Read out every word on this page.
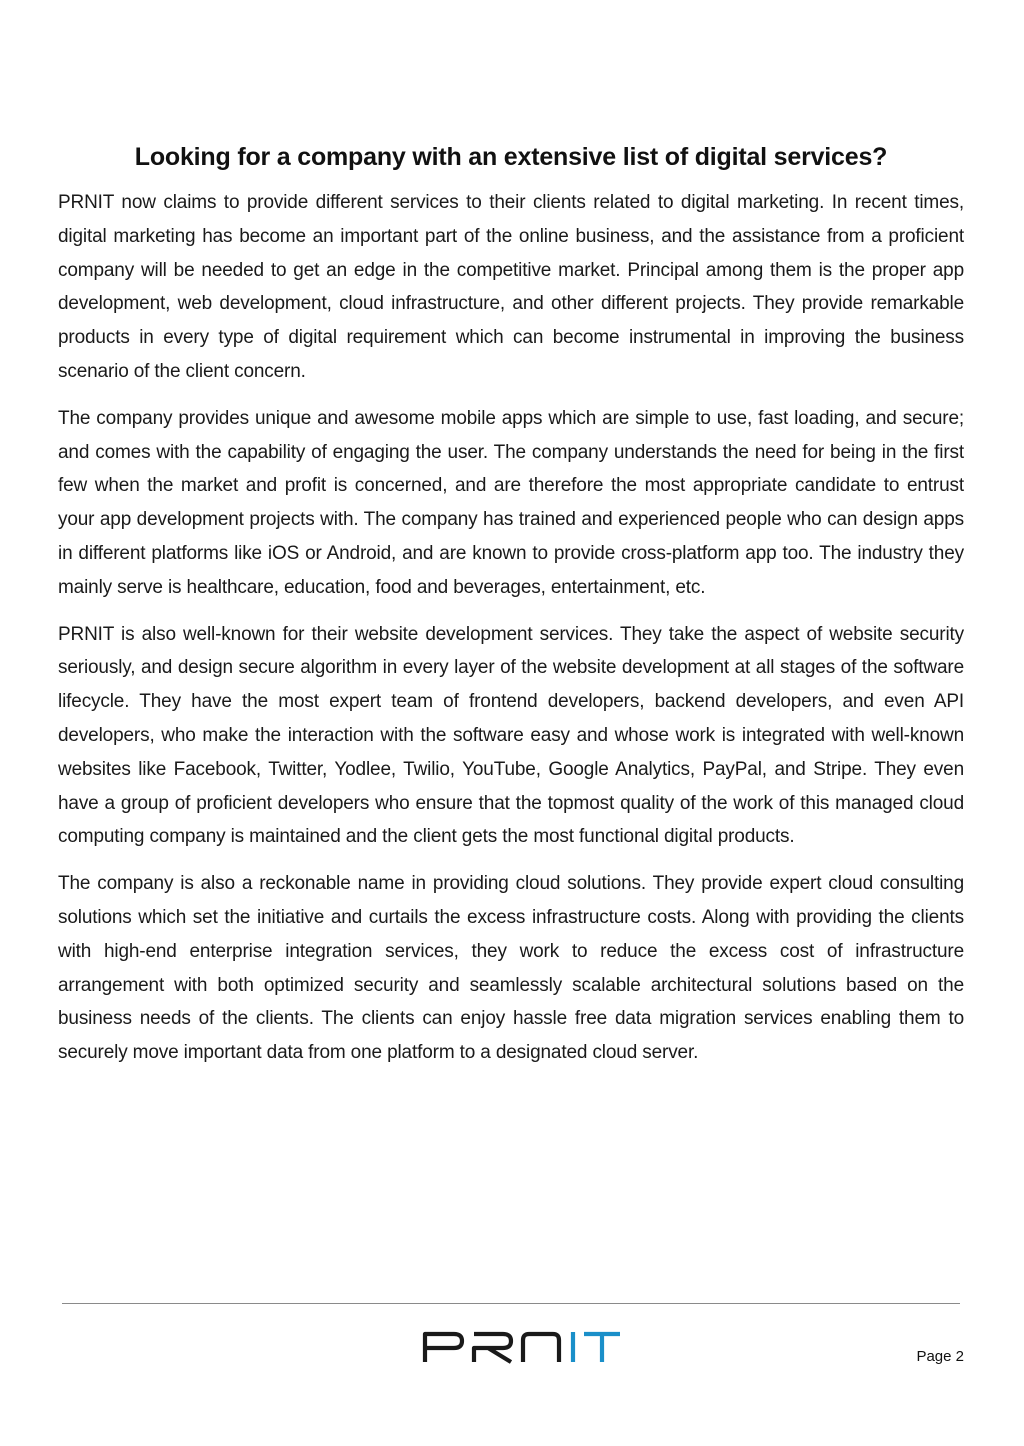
Looking for a company with an extensive list of digital services?

PRNIT now claims to provide different services to their clients related to digital marketing. In recent times, digital marketing has become an important part of the online business, and the assistance from a proficient company will be needed to get an edge in the competitive market. Principal among them is the proper app development, web development, cloud infrastructure, and other different projects. They provide remarkable products in every type of digital requirement which can become instrumental in improving the business scenario of the client concern.

The company provides unique and awesome mobile apps which are simple to use, fast loading, and secure; and comes with the capability of engaging the user. The company understands the need for being in the first few when the market and profit is concerned, and are therefore the most appropriate candidate to entrust your app development projects with. The company has trained and experienced people who can design apps in different platforms like iOS or Android, and are known to provide cross-platform app too. The industry they mainly serve is healthcare, education, food and beverages, entertainment, etc.

PRNIT is also well-known for their website development services. They take the aspect of website security seriously, and design secure algorithm in every layer of the website development at all stages of the software lifecycle. They have the most expert team of frontend developers, backend developers, and even API developers, who make the interaction with the software easy and whose work is integrated with well-known websites like Facebook, Twitter, Yodlee, Twilio, YouTube, Google Analytics, PayPal, and Stripe. They even have a group of proficient developers who ensure that the topmost quality of the work of this managed cloud computing company is maintained and the client gets the most functional digital products.

The company is also a reckonable name in providing cloud solutions. They provide expert cloud consulting solutions which set the initiative and curtails the excess infrastructure costs. Along with providing the clients with high-end enterprise integration services, they work to reduce the excess cost of infrastructure arrangement with both optimized security and seamlessly scalable architectural solutions based on the business needs of the clients. The clients can enjoy hassle free data migration services enabling them to securely move important data from one platform to a designated cloud server.

Page 2
